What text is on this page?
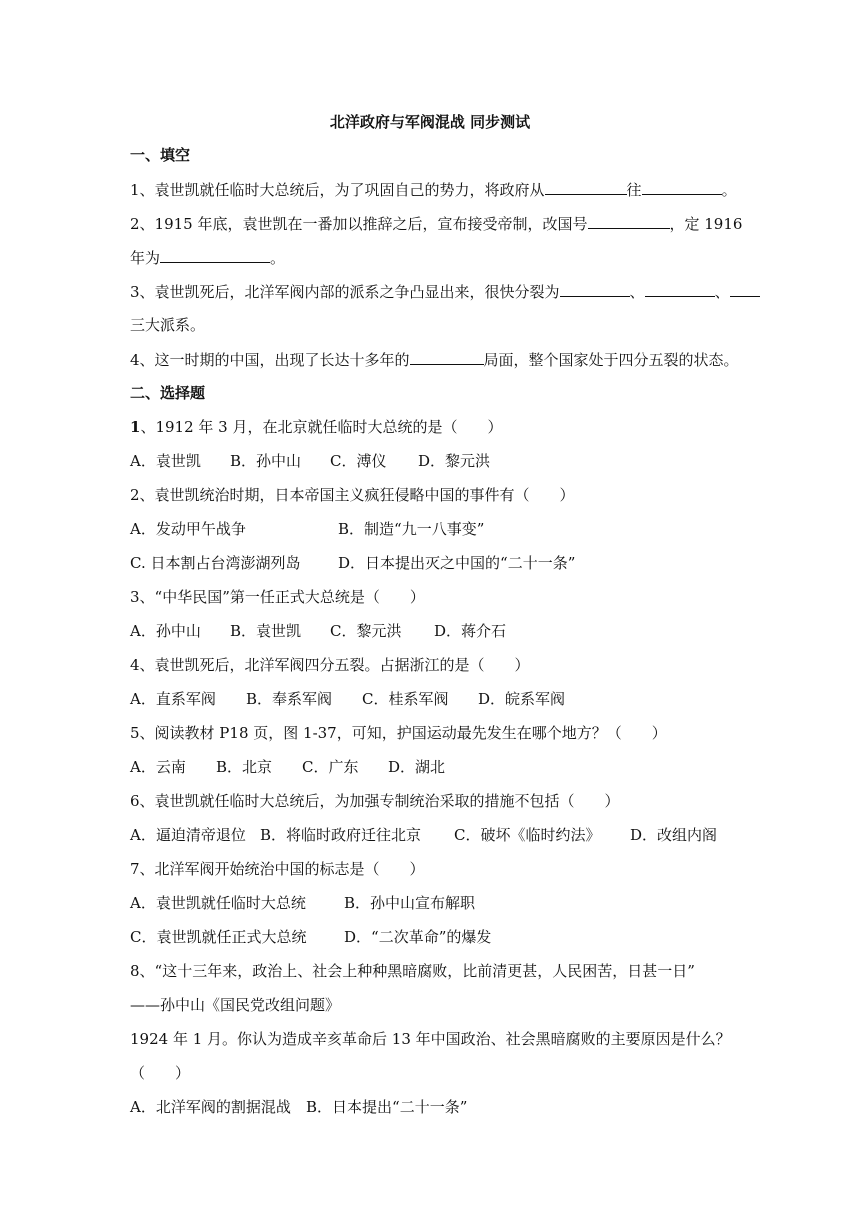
北洋政府与军阀混战 同步测试
一、填空
1、袁世凯就任临时大总统后，为了巩固自己的势力，将政府从	往	。
2、1915 年底，袁世凯在一番加以推辞之后，宣布接受帝制，改国号	，定 1916
年为	。
3、袁世凯死后，北洋军阀内部的派系之争凸显出来，很快分裂为	、	、
三大派系。
4、这一时期的中国，出现了长达十多年的	局面，整个国家处于四分五裂的状态。
二、选择题
1、1912 年 3 月，在北京就任临时大总统的是（　　）
A．袁世凯 B．孙中山 C．溥仪 D．黎元洪
2、袁世凯统治时期，日本帝国主义疯狂侵略中国的事件有（　　）
A．发动甲午战争	B．制造“九一八事变”
C. 日本割占台湾澎湖列岛	D．日本提出灭之中国的“二十一条”
3、“中华民国”第一任正式大总统是（　　）
A．孙中山 B．袁世凯 C．黎元洪 D．蒋介石
4、袁世凯死后，北洋军阀四分五裂。占据浙江的是（　　）
A．直系军阀 B．奉系军阀 C．桂系军阀 D．皖系军阀
5、阅读教材 P18 页，图 1-37，可知，护国运动最先发生在哪个地方？（　　）
A．云南 B．北京 C．广东 D．湖北
6、袁世凯就任临时大总统后，为加强专制统治采取的措施不包括（　　）
A．逼迫清帝退位 B．将临时政府迁往北京 C．破坏《临时约法》 D．改组内阁
7、北洋军阀开始统治中国的标志是（　　）
A．袁世凯就任临时大总统	B．孙中山宣布解职
C．袁世凯就任正式大总统	D．“二次革命”的爆发
8、“这十三年来，政治上、社会上种种黑暗腐败，比前清更甚，人民困苦，日甚一日”
——孙中山《国民党改组问题》
1924 年 1 月。你认为造成辛亥革命后 13 年中国政治、社会黑暗腐败的主要原因是什么？
（　　）
A．北洋军阀的割据混战 B．日本提出“二十一条”
